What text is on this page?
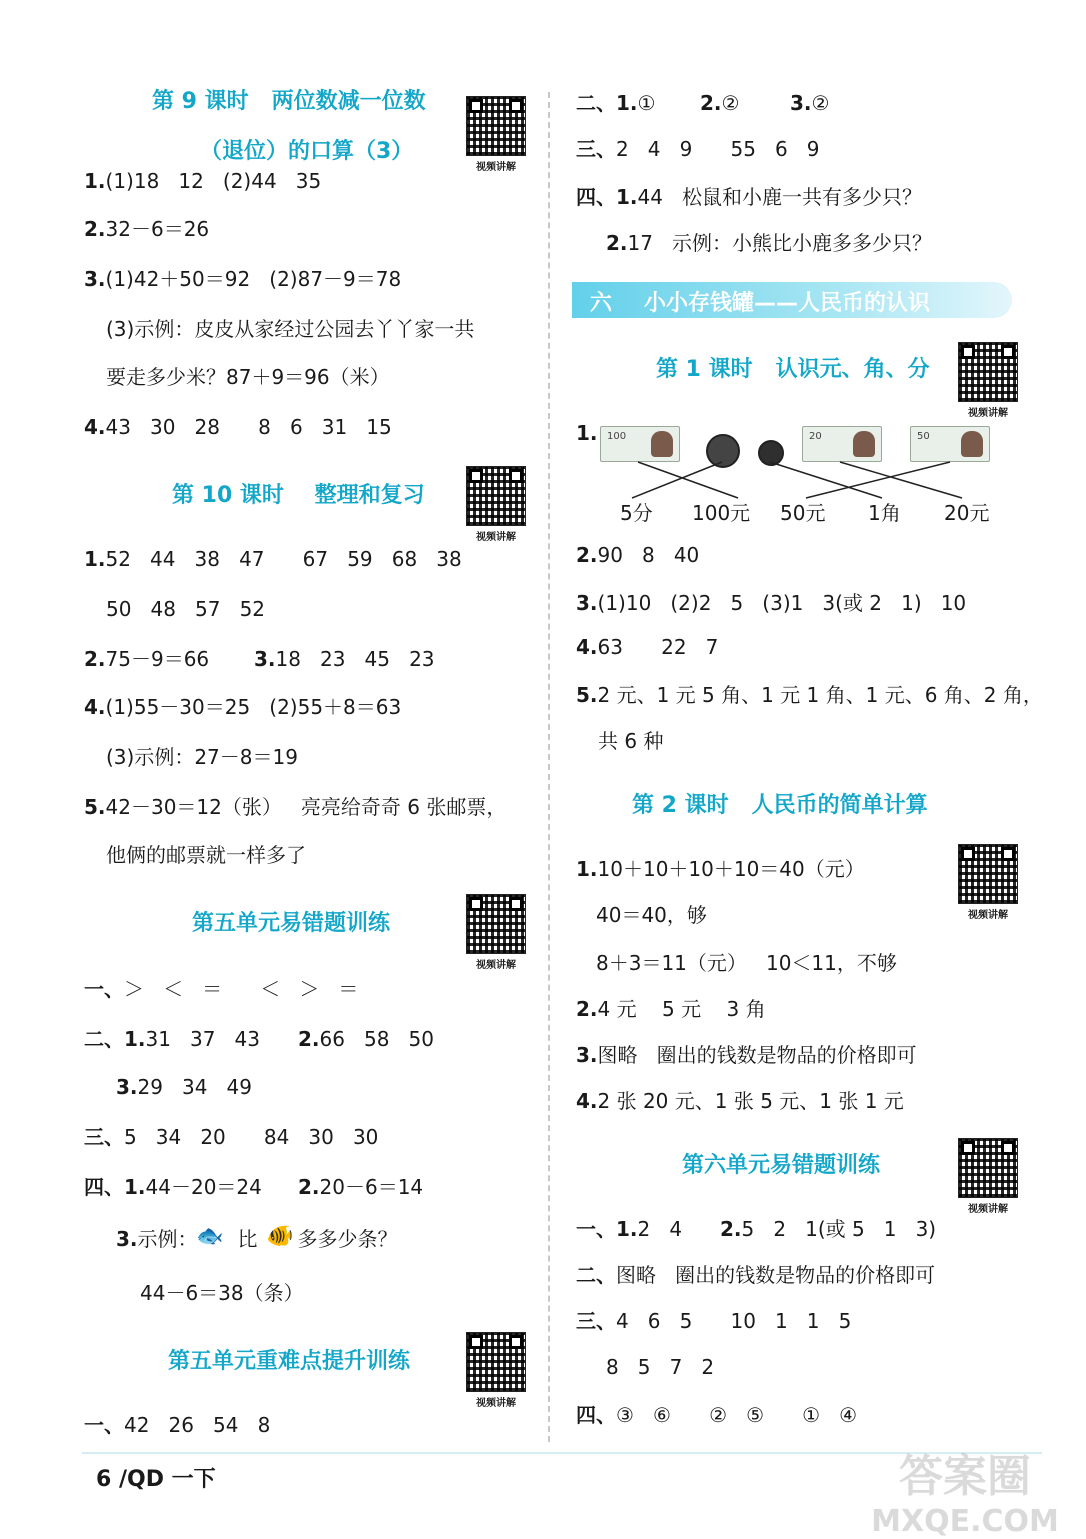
第 9 课时   两位数减一位数
（退位）的口算（3）
视频讲解
1.(1)18   12   (2)44   35
2.32－6＝26
3.(1)42＋50＝92   (2)87－9＝78
(3)示例：皮皮从家经过公园去丫丫家一共
要走多少米？87＋9＝96（米）
4.43   30   28      8   6   31   15
第 10 课时    整理和复习
视频讲解
1.52   44   38   47      67   59   68   38
50   48   57   52
2.75－9＝66 3.18   23   45   23
4.(1)55－30＝25   (2)55＋8＝63
(3)示例：27－8＝19
5.42－30＝12（张）   亮亮给奇奇 6 张邮票，
他俩的邮票就一样多了
第五单元易错题训练
视频讲解
一、＞   ＜   ＝      ＜   ＞   ＝
二、1.31   37   43 2.66   58   50
3.29   34   49
三、5   34   20      84   30   30
四、1.44－20＝24 2.20－6＝14
3.示例： 比 多多少条？
🐟 🐠
44－6＝38（条）
第五单元重难点提升训练
视频讲解
一、42   26   54   8
二、1.① 2.②	3.②
三、2   4   9      55   6   9
四、1.44   松鼠和小鹿一共有多少只？
2.17   示例：小熊比小鹿多多少只？
六 小小存钱罐——人民币的认识
第 1 课时   认识元、角、分
视频讲解
1. 100	20	50
5分 100元 50元 1角 20元
2.90   8   40
3.(1)10   (2)2   5   (3)1   3(或 2   1)   10
4.63      22   7
5.2 元、1 元 5 角、1 元 1 角、1 元、6 角、2 角，
共 6 种
第 2 课时   人民币的简单计算
视频讲解
1.10＋10＋10＋10＝40（元）
40＝40，够
8＋3＝11（元）   10＜11，不够
2.4 元    5 元    3 角
3.图略   圈出的钱数是物品的价格即可
4.2 张 20 元、1 张 5 元、1 张 1 元
第六单元易错题训练
视频讲解
一、1.2   4 2.5   2   1(或 5   1   3)
二、图略   圈出的钱数是物品的价格即可
三、4   6   5      10   1   1   5
8   5   7   2
四、③   ⑥      ②   ⑤      ①   ④
6 /QD 一下	答案圈
MXQE.COM
